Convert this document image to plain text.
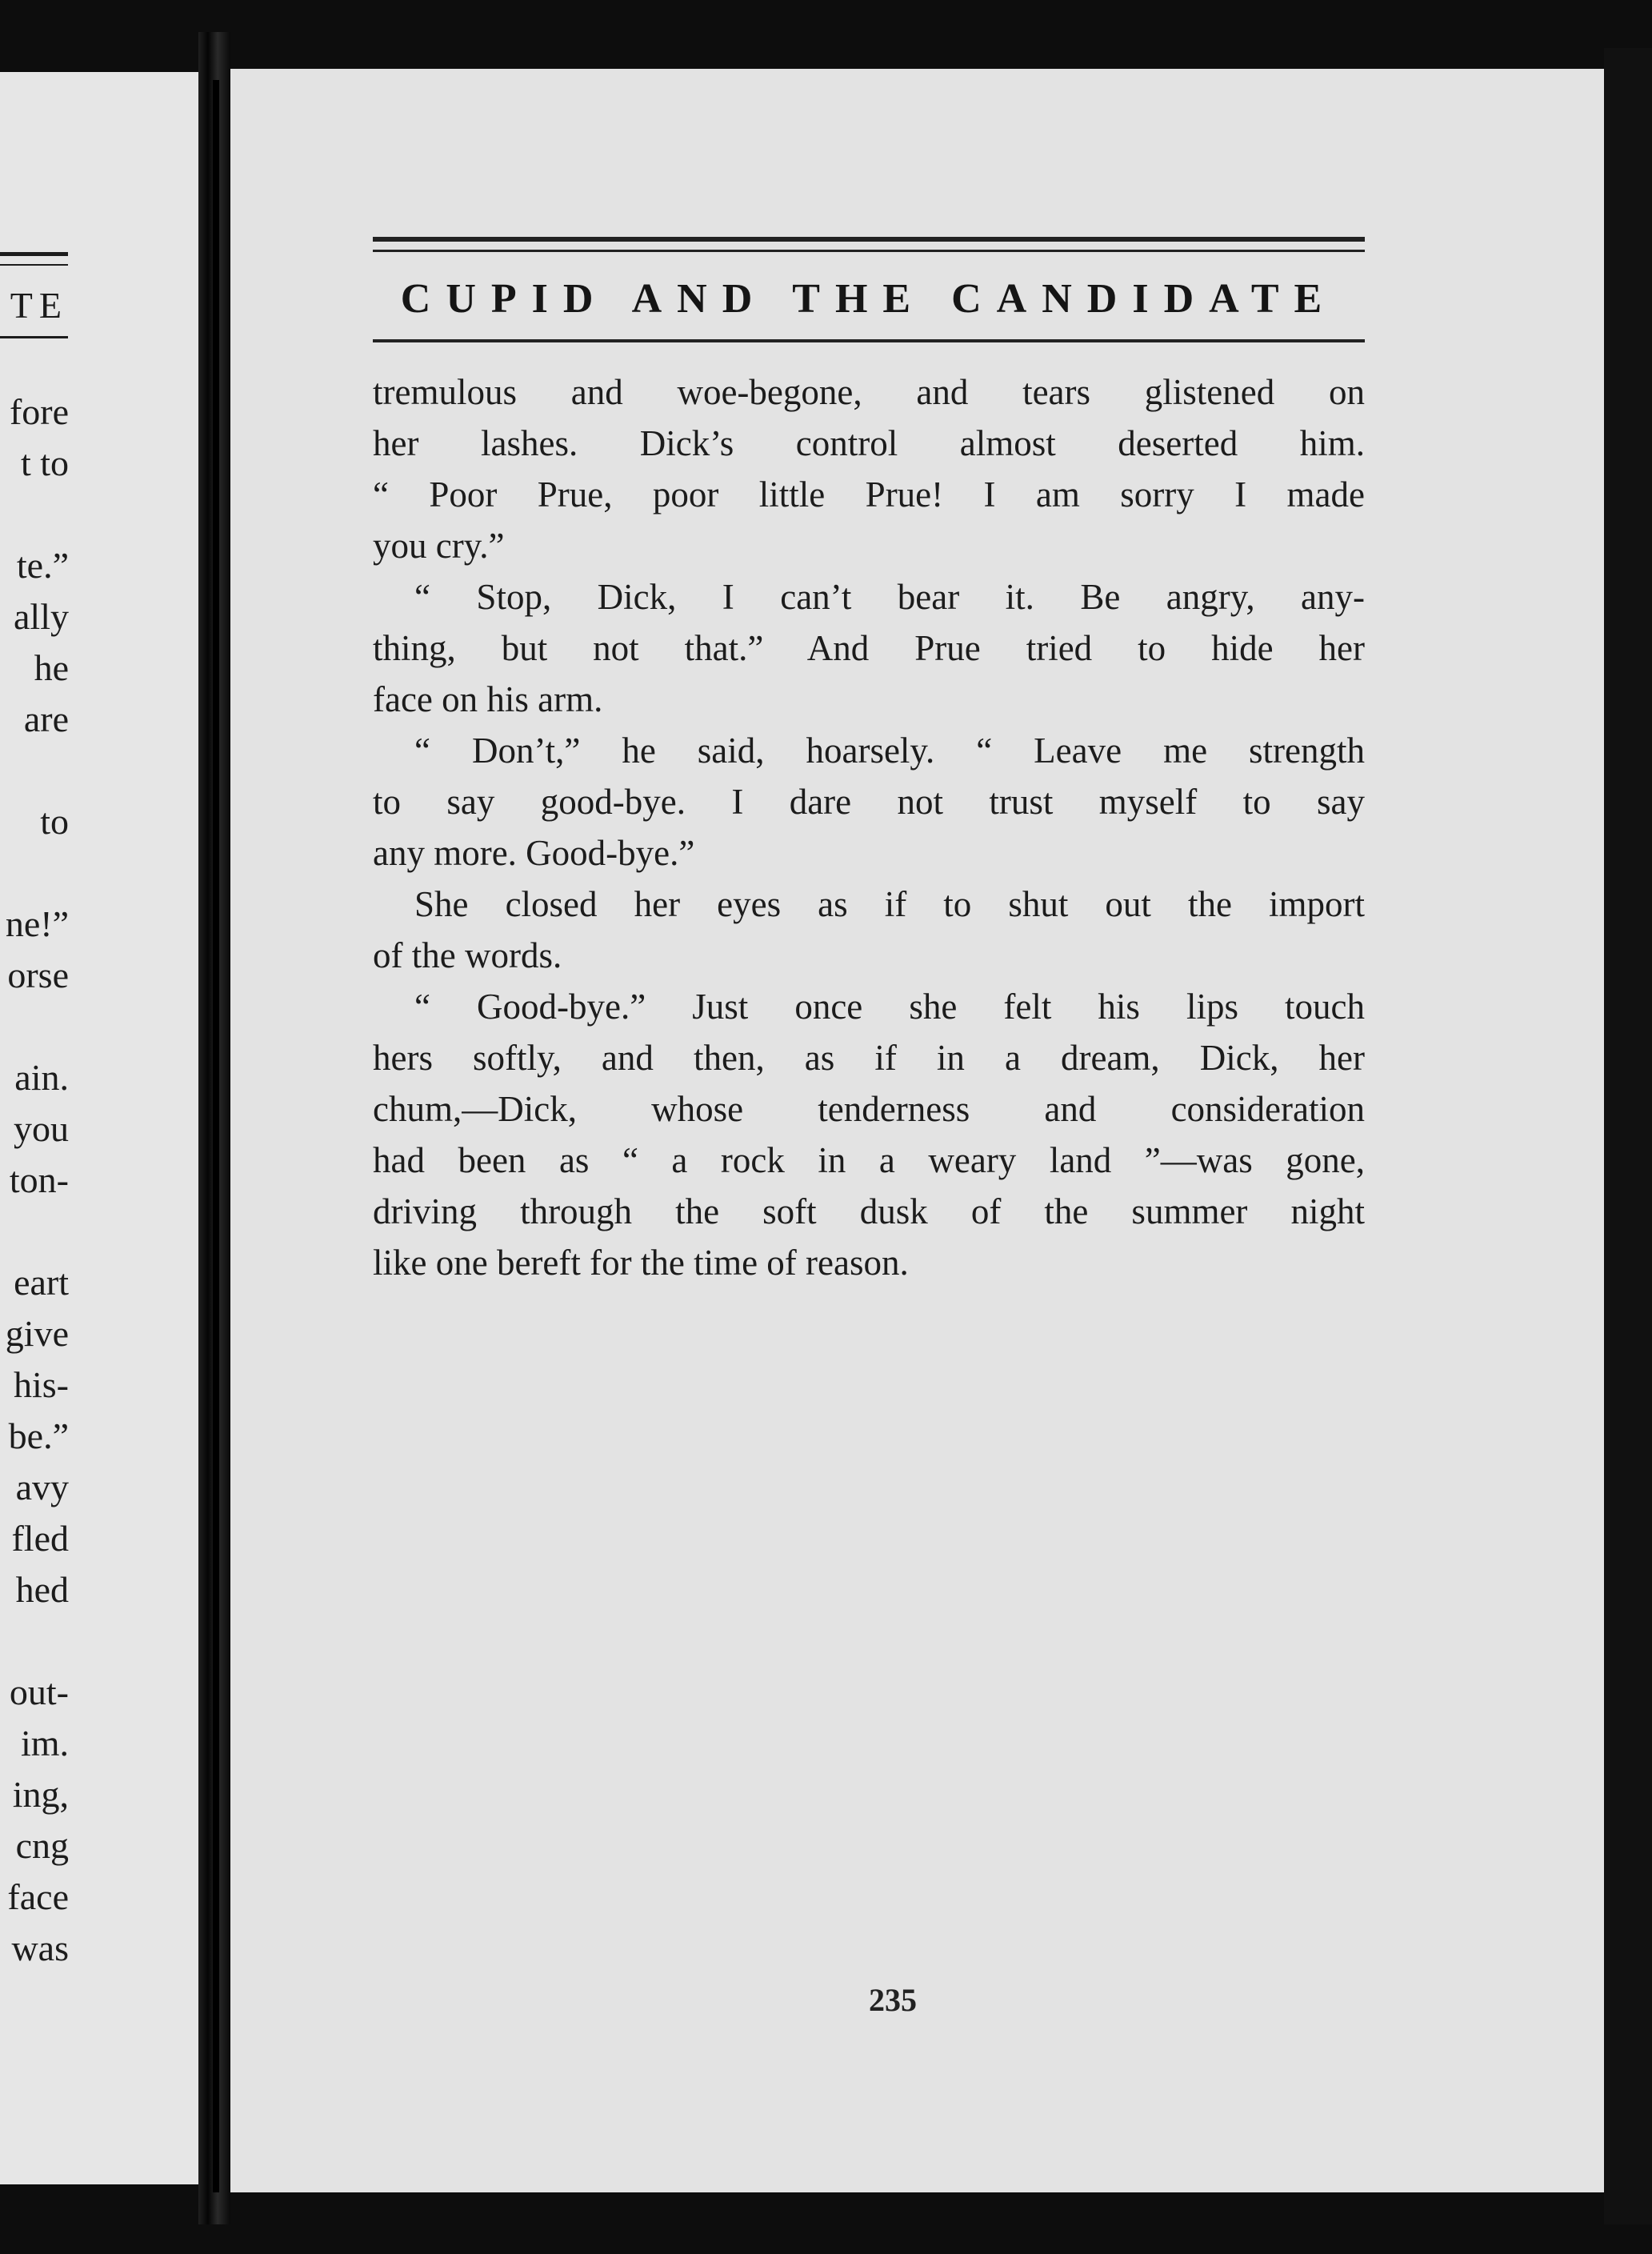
TE
fore
t to
te.”
ally
he
are
to
ne!”
orse
ain.
you
ton-
eart
give
his-
be.”
avy
fled
hed
out-
im.
ing,
cng
face
was
CUPID AND THE CANDIDATE
tremulous and woe-begone, and tears glistened on
her lashes. Dick’s control almost deserted him.
“ Poor Prue, poor little Prue! I am sorry I made
you cry.”
“ Stop, Dick, I can’t bear it. Be angry, any-
thing, but not that.” And Prue tried to hide her
face on his arm.
“ Don’t,” he said, hoarsely. “ Leave me strength
to say good-bye. I dare not trust myself to say
any more. Good-bye.”
She closed her eyes as if to shut out the import
of the words.
“ Good-bye.” Just once she felt his lips touch
hers softly, and then, as if in a dream, Dick, her
chum,—Dick, whose tenderness and consideration
had been as “ a rock in a weary land ”—was gone,
driving through the soft dusk of the summer night
like one bereft for the time of reason.
235
